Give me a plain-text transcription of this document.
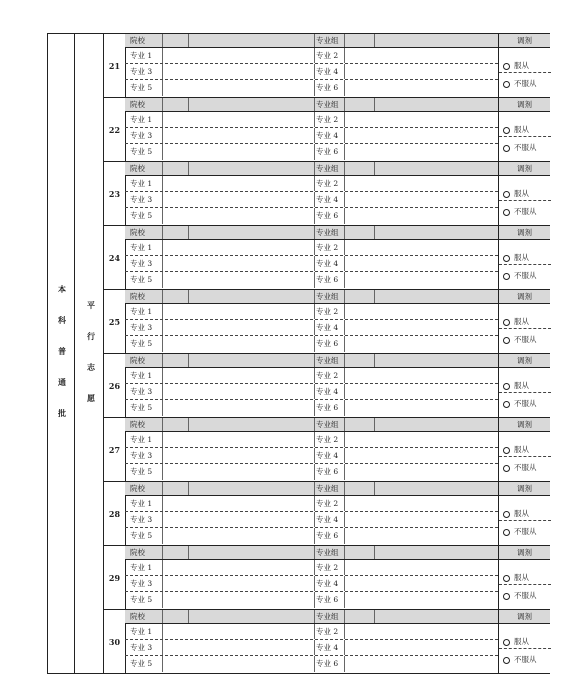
本
科
普
通
批
平
行
志
愿
21
院校	专业组	调剂
专业 1	专业 2
专业 3	专业 4
专业 5	专业 6
服从
不服从
22
院校	专业组	调剂
专业 1	专业 2
专业 3	专业 4
专业 5	专业 6
服从
不服从
23
院校	专业组	调剂
专业 1	专业 2
专业 3	专业 4
专业 5	专业 6
服从
不服从
24
院校	专业组	调剂
专业 1	专业 2
专业 3	专业 4
专业 5	专业 6
服从
不服从
25
院校	专业组	调剂
专业 1	专业 2
专业 3	专业 4
专业 5	专业 6
服从
不服从
26
院校	专业组	调剂
专业 1	专业 2
专业 3	专业 4
专业 5	专业 6
服从
不服从
27
院校	专业组	调剂
专业 1	专业 2
专业 3	专业 4
专业 5	专业 6
服从
不服从
28
院校	专业组	调剂
专业 1	专业 2
专业 3	专业 4
专业 5	专业 6
服从
不服从
29
院校	专业组	调剂
专业 1	专业 2
专业 3	专业 4
专业 5	专业 6
服从
不服从
30
院校	专业组	调剂
专业 1	专业 2
专业 3	专业 4
专业 5	专业 6
服从
不服从
